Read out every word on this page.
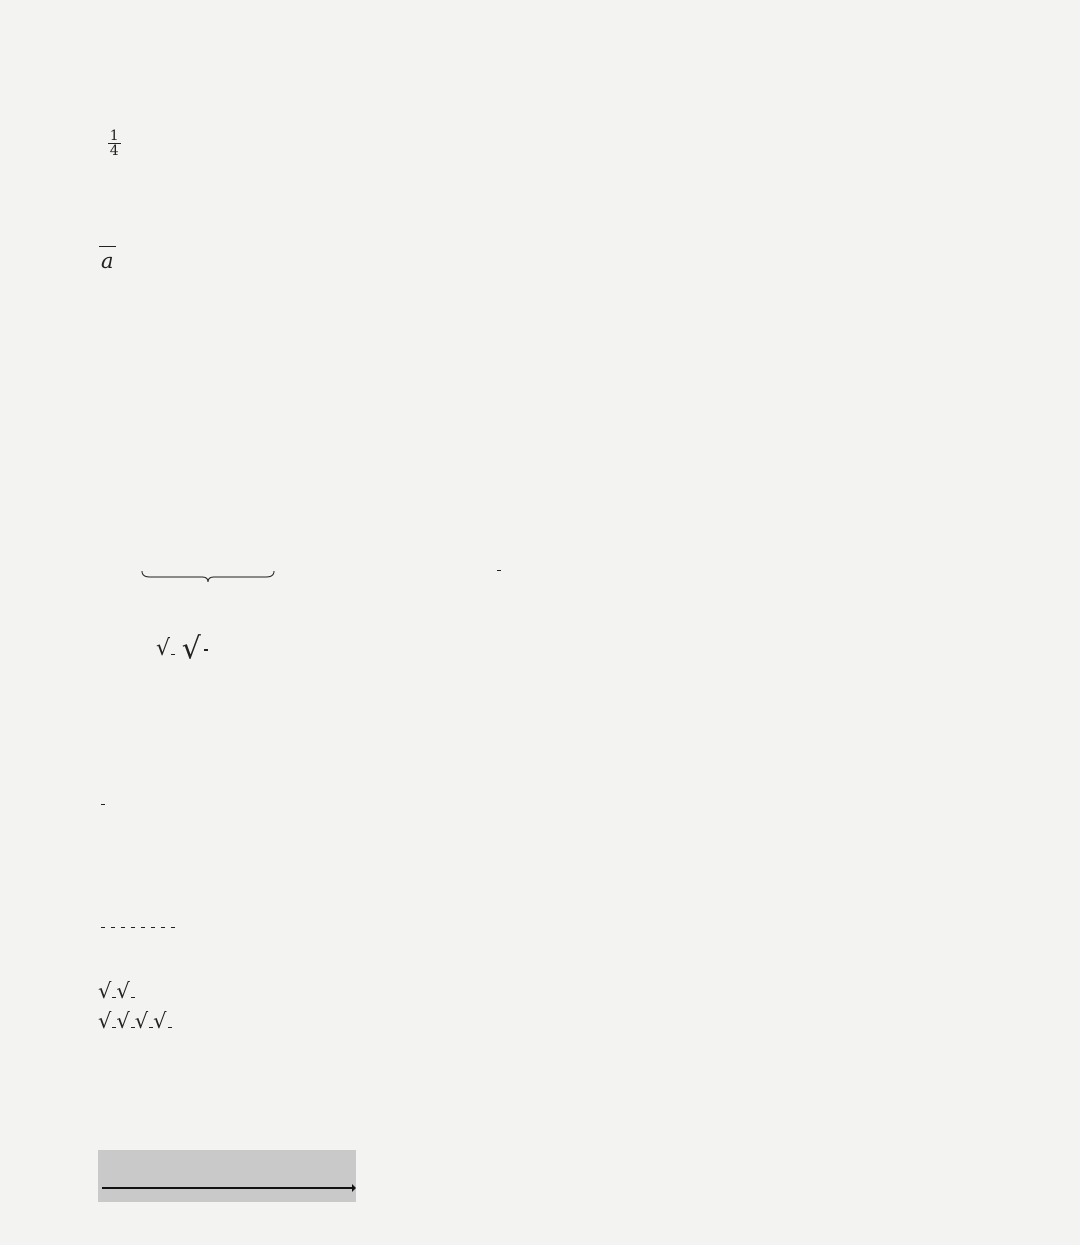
$\frac{1}{4}$
a
√ √
√ √
√ √ √ √
